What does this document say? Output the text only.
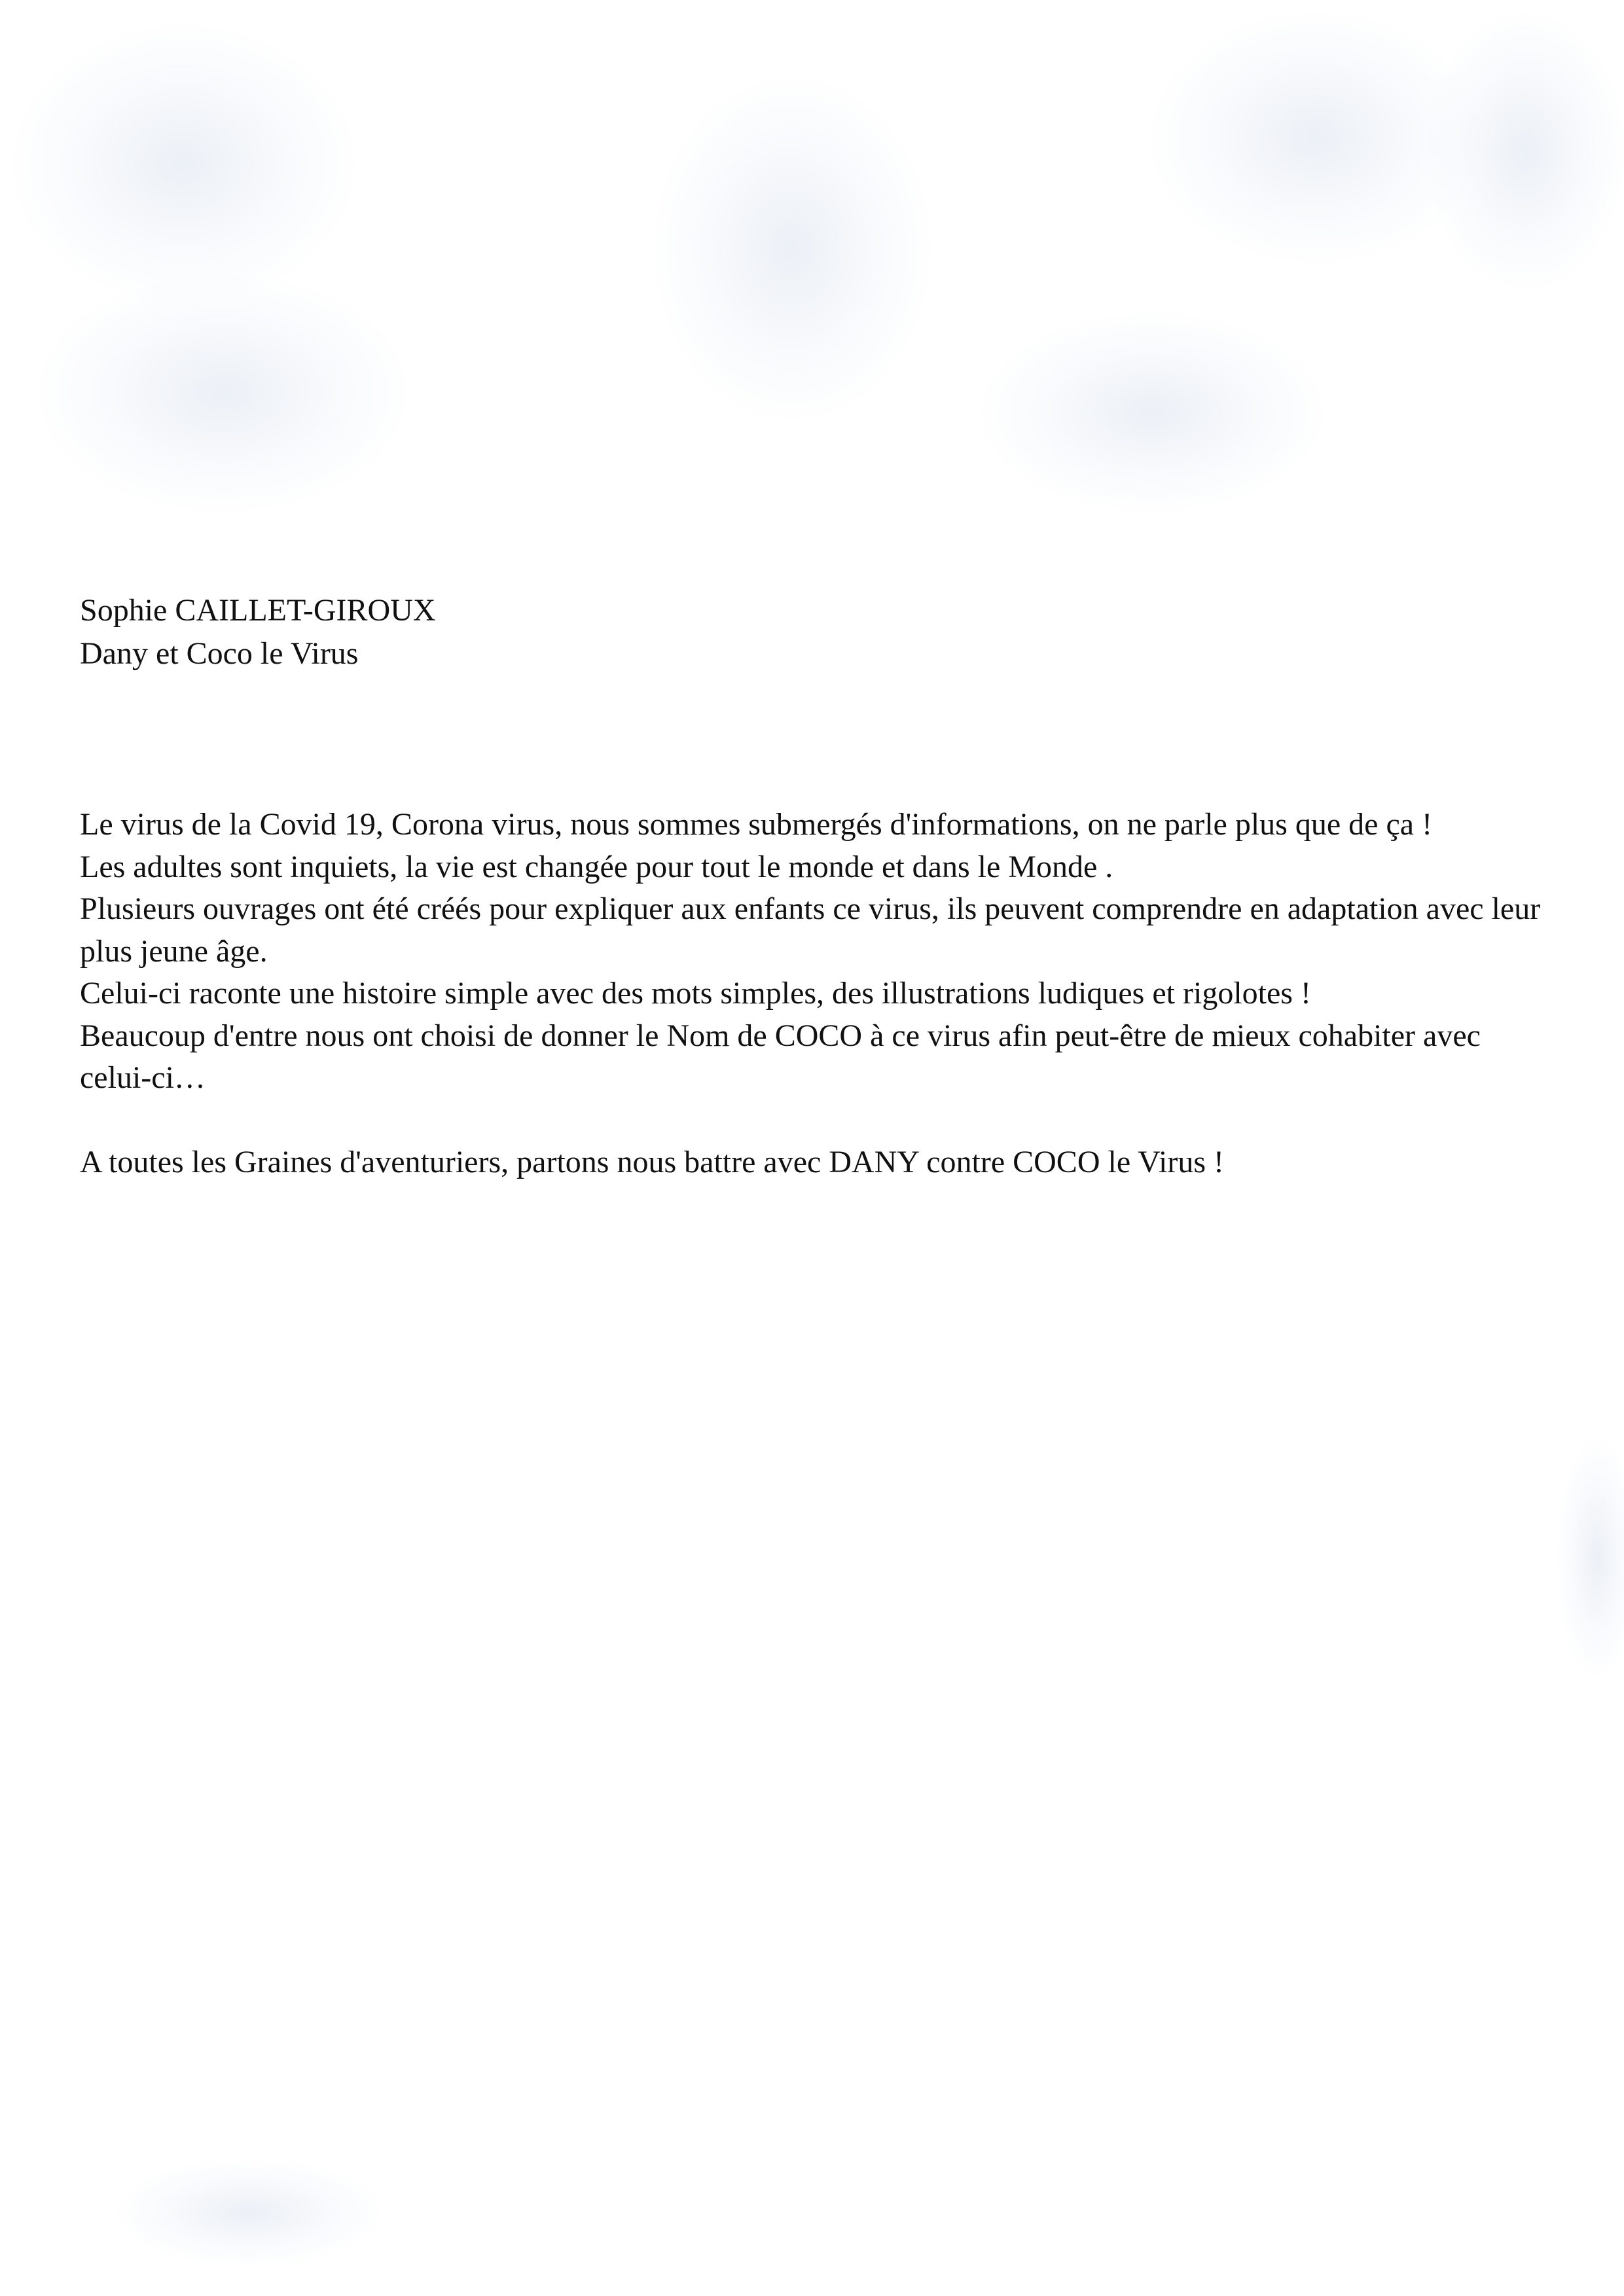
Sophie CAILLET-GIROUX
Dany et Coco le Virus

Le virus de la Covid 19, Corona virus, nous sommes submergés d'informations, on ne parle plus que de ça !

Les adultes sont inquiets, la vie est changée pour tout le monde et dans le Monde .

Plusieurs ouvrages ont été créés pour expliquer aux enfants ce virus, ils peuvent comprendre en adaptation avec leur plus jeune âge.

Celui-ci raconte une histoire simple avec des mots simples, des illustrations ludiques et rigolotes !

Beaucoup d'entre nous ont choisi de donner le Nom de COCO à ce virus afin peut-être de mieux cohabiter avec celui-ci…

A toutes les Graines d'aventuriers, partons nous battre avec DANY contre COCO le Virus !
